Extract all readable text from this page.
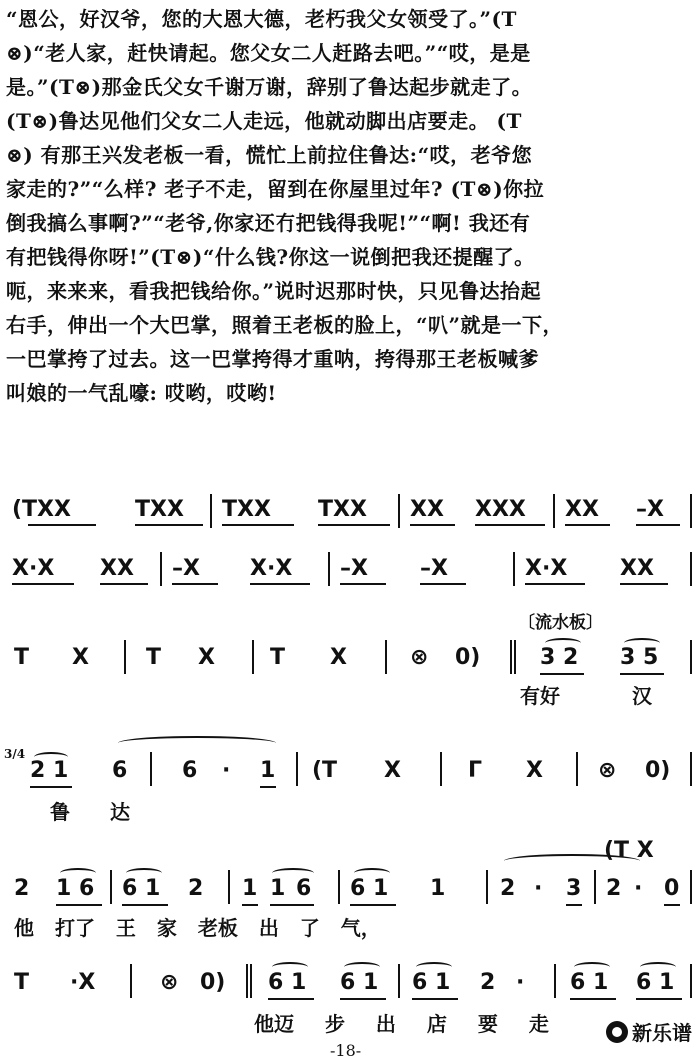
“恩公，好汉爷，您的大恩大德，老朽我父女领受了。”(T
⊗)“老人家，赶快请起。您父女二人赶路去吧。”“哎，是是
是。”(T⊗)那金氏父女千谢万谢，辞别了鲁达起步就走了。
(T⊗)鲁达见他们父女二人走远，他就动脚出店要走。 (T
⊗) 有那王兴发老板一看，慌忙上前拉住鲁达:“哎，老爷您
家走的?”“么样? 老子不走，留到在你屋里过年? (T⊗)你拉
倒我搞么事啊?”“老爷,你家还冇把钱得我呢!”“啊! 我还有
有把钱得你呀!”(T⊗)“什么钱?你这一说倒把我还提醒了。
呃，来来来，看我把钱给你。”说时迟那时快，只见鲁达抬起
右手，伸出一个大巴掌，照着王老板的脸上，“叭”就是一下，
一巴掌挎了过去。这一巴掌挎得才重呐，挎得那王老板喊爹
叫娘的一气乱嚎: 哎哟，哎哟!
(TXX	TXX TXX TXX XX XXX XX –X
X·X XX –X X·X –X –X	X·X XX
〔流水板〕
T X	T X	T X	⊗ 0)	3 2 3 5
有好	汉
3/4
2 1 6 6 · 1 (T X	Γ X	⊗ 0)
鲁 达
(T X
2 1 6 6 1 2 1 1 6 6 1 1 2 · 3 2 · 0
他 打了 王 家 老板 出 了 气，
T ·X	⊗ 0) 6 1 6 1 6 1 2 · 6 1 6 1
他迈 步 出 店 要 走	新乐谱
-18-
